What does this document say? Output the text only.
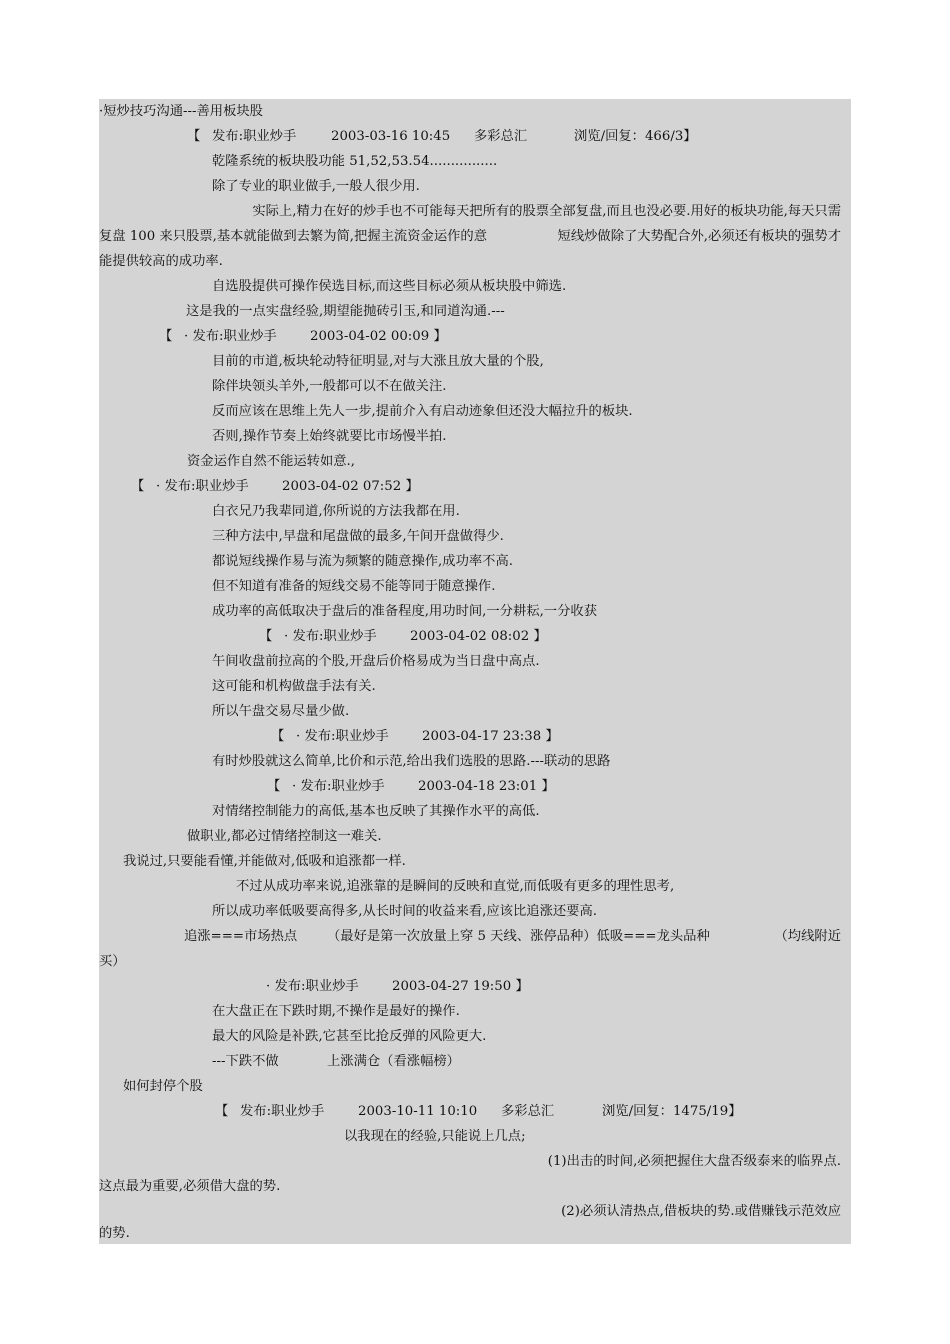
·短炒技巧沟通---善用板块股
【 发布:职业炒手	2003-03-16 10:45 多彩总汇	浏览/回复：466/3】
乾隆系统的板块股功能 51,52,53.54................
除了专业的职业做手,一般人很少用.
实际上,精力在好的炒手也不可能每天把所有的股票全部复盘,而且也没必要.用好的板块功能,每天只需
复盘 100 来只股票,基本就能做到去繁为简,把握主流资金运作的意	短线炒做除了大势配合外,必须还有板块的强势才
能提供较高的成功率.
自选股提供可操作侯选目标,而这些目标必须从板块股中筛选.
这是我的一点实盘经验,期望能抛砖引玉,和同道沟通.---
【 · 发布:职业炒手	2003-04-02 00:09 】
目前的市道,板块轮动特征明显,对与大涨且放大量的个股,
除伴块领头羊外,一般都可以不在做关注.
反而应该在思维上先人一步,提前介入有启动迹象但还没大幅拉升的板块.
否则,操作节奏上始终就要比市场慢半拍.
资金运作自然不能运转如意.,
【 · 发布:职业炒手	2003-04-02 07:52 】
白衣兄乃我辈同道,你所说的方法我都在用.
三种方法中,早盘和尾盘做的最多,午间开盘做得少.
都说短线操作易与流为频繁的随意操作,成功率不高.
但不知道有准备的短线交易不能等同于随意操作.
成功率的高低取决于盘后的准备程度,用功时间,一分耕耘,一分收获
【 · 发布:职业炒手	2003-04-02 08:02 】
午间收盘前拉高的个股,开盘后价格易成为当日盘中高点.
这可能和机构做盘手法有关.
所以午盘交易尽量少做.
【 · 发布:职业炒手	2003-04-17 23:38 】
有时炒股就这么简单,比价和示范,给出我们选股的思路.---联动的思路
【 · 发布:职业炒手	2003-04-18 23:01 】
对情绪控制能力的高低,基本也反映了其操作水平的高低.
做职业,都必过情绪控制这一难关.
我说过,只要能看懂,并能做对,低吸和追涨都一样.
不过从成功率来说,追涨靠的是瞬间的反映和直觉,而低吸有更多的理性思考,
所以成功率低吸要高得多,从长时间的收益来看,应该比追涨还要高.
追涨===市场热点 （最好是第一次放量上穿 5 天线、涨停品种）低吸===龙头品种	（均线附近
买）
· 发布:职业炒手	2003-04-27 19:50 】
在大盘正在下跌时期,不操作是最好的操作.
最大的风险是补跌,它甚至比抢反弹的风险更大.
---下跌不做	上涨满仓（看涨幅榜）
如何封停个股
【 发布:职业炒手	2003-10-11 10:10 多彩总汇	浏览/回复：1475/19】
以我现在的经验,只能说上几点;
(1)出击的时间,必须把握住大盘否级泰来的临界点.
这点最为重要,必须借大盘的势.
(2)必须认清热点,借板块的势.或借赚钱示范效应
的势.
